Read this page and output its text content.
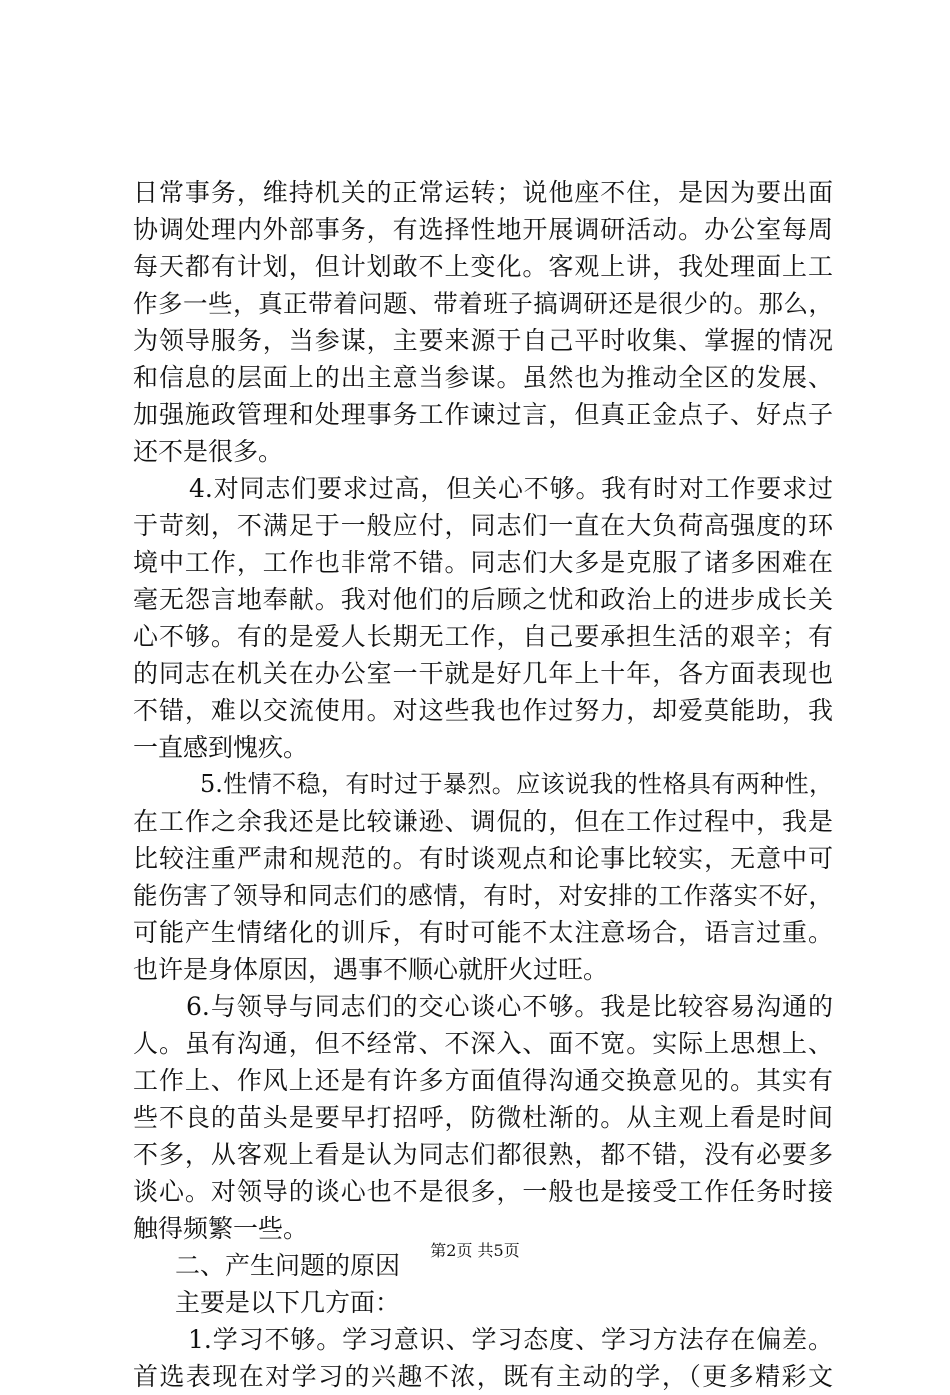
日常事务，维持机关的正常运转；说他座不住，是因为要出面
协调处理内外部事务，有选择性地开展调研活动。办公室每周
每天都有计划，但计划敢不上变化。客观上讲，我处理面上工
作多一些，真正带着问题、带着班子搞调研还是很少的。那么，
为领导服务，当参谋，主要来源于自己平时收集、掌握的情况
和信息的层面上的出主意当参谋。虽然也为推动全区的发展、
加强施政管理和处理事务工作谏过言，但真正金点子、好点子
还不是很多。
4.对同志们要求过高，但关心不够。我有时对工作要求过
于苛刻，不满足于一般应付，同志们一直在大负荷高强度的环
境中工作，工作也非常不错。同志们大多是克服了诸多困难在
毫无怨言地奉献。我对他们的后顾之忧和政治上的进步成长关
心不够。有的是爱人长期无工作，自己要承担生活的艰辛；有
的同志在机关在办公室一干就是好几年上十年，各方面表现也
不错，难以交流使用。对这些我也作过努力，却爱莫能助，我
一直感到愧疚。
5.性情不稳，有时过于暴烈。应该说我的性格具有两种性，
在工作之余我还是比较谦逊、调侃的，但在工作过程中，我是
比较注重严肃和规范的。有时谈观点和论事比较实，无意中可
能伤害了领导和同志们的感情，有时，对安排的工作落实不好，
可能产生情绪化的训斥，有时可能不太注意场合，语言过重。
也许是身体原因，遇事不顺心就肝火过旺。
6.与领导与同志们的交心谈心不够。我是比较容易沟通的
人。虽有沟通，但不经常、不深入、面不宽。实际上思想上、
工作上、作风上还是有许多方面值得沟通交换意见的。其实有
些不良的苗头是要早打招呼，防微杜渐的。从主观上看是时间
不多，从客观上看是认为同志们都很熟，都不错，没有必要多
谈心。对领导的谈心也不是很多，一般也是接受工作任务时接
触得频繁一些。
二、产生问题的原因
主要是以下几方面：
1.学习不够。学习意识、学习态度、学习方法存在偏差。
首选表现在对学习的兴趣不浓，既有主动的学，（更多精彩文
第2页 共5页
